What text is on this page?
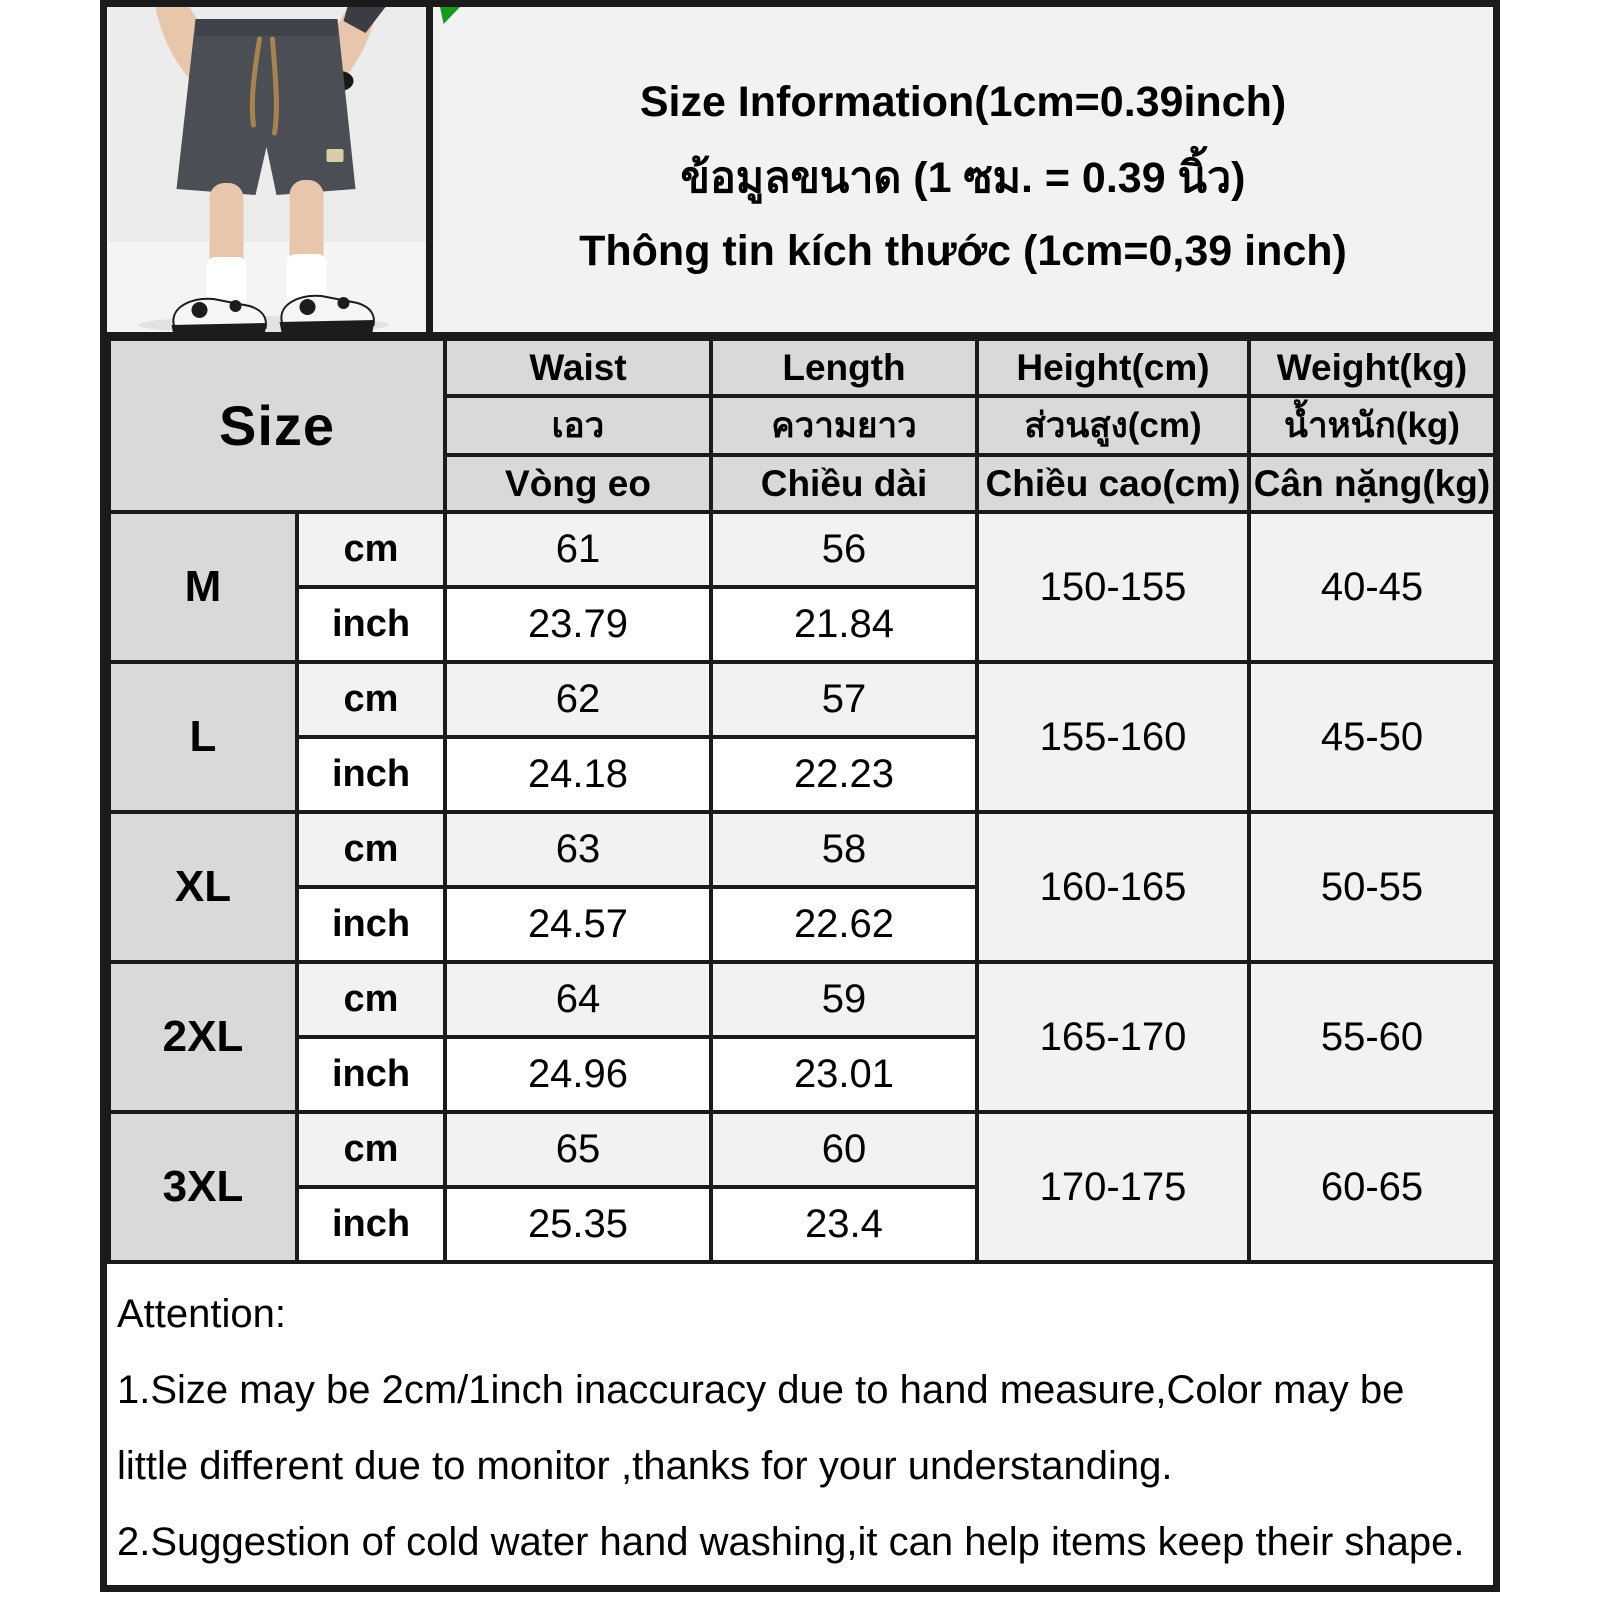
Size Information(1cm=0.39inch)
ข้อมูลขนาด (1 ซม. = 0.39 นิ้ว)
Thông tin kích thước (1cm=0,39 inch)
Size		Waist	Length	Height(cm)	Weight(kg)
		เอว	ความยาว	ส่วนสูง(cm)	น้ำหนัก(kg)
		Vòng eo	Chiều dài	Chiều cao(cm)	Cân nặng(kg)
M	cm	61	56	150-155	40-45
	inch	23.79	21.84		
L	cm	62	57	155-160	45-50
	inch	24.18	22.23		
XL	cm	63	58	160-165	50-55
	inch	24.57	22.62		
2XL	cm	64	59	165-170	55-60
	inch	24.96	23.01		
3XL	cm	65	60	170-175	60-65
	inch	25.35	23.4		

Attention:

1.Size may be 2cm/1inch inaccuracy due to hand measure,Color may be little different due to monitor ,thanks for your understanding.

2.Suggestion of cold water hand washing,it can help items keep their shape.
